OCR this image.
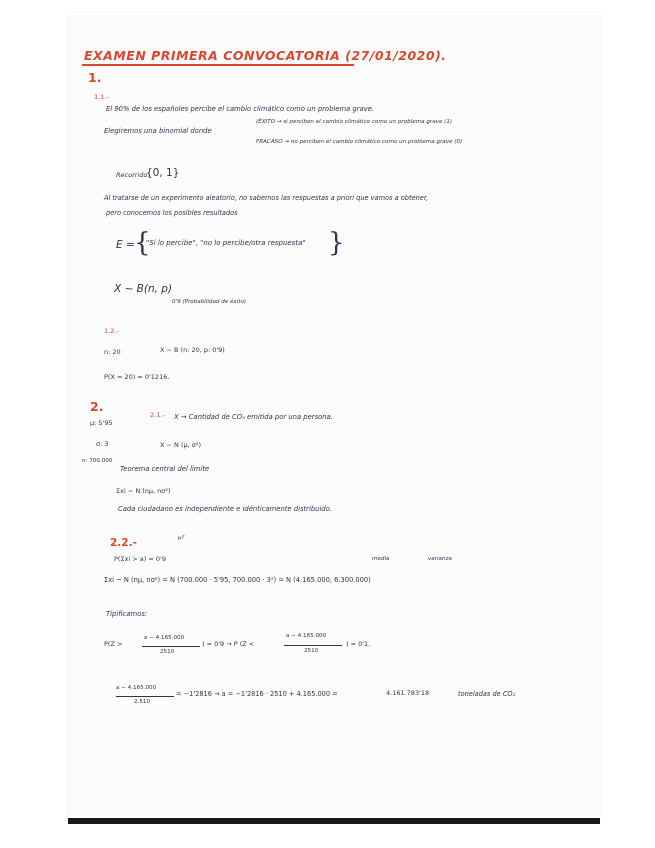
EXAMEN PRIMERA CONVOCATORIA (27/01/2020).
1.
1.1.-
El 90% de los españoles percibe el cambio climático como un problema grave.
Elegiremos una binomial donde
(ÉXITO → sí perciben el cambio climático como un problema grave (1)
FRACASO → no perciben el cambio climático como un problema grave (0)
Recorrido:
{0, 1}
Al tratarse de un experimento aleatorio, no sabemos las respuestas a priori que vamos a obtener,
pero conocemos los posibles resultados
E = {
"Sí lo percibe", "no lo percibe/otra respuesta" }
X ~ B(n, p)
0'9 (Probabilidad de éxito)
1.2.-
n: 20	X ~ B (n: 20, p: 0'9)
P(X = 20) = 0'1216.
2.
μ: 5'95
σ: 3
n: 700.000
2.1.- X → Cantidad de CO₂ emitida por una persona.
X ~ N (μ, σ²)
Teorema central del límite
Σxi ~ N (nμ, nσ²)
Cada ciudadano es independiente e idénticamente distribuido.
2.2.-	μ?
P(Σxi > a) = 0'9	media	varianza
Σxi ~ N (nμ, nσ²) = N (700.000 · 5'95, 700.000 · 3²) = N (4.165.000, 6.300.000)
Tipificamos:
P(Z >
a − 4.165.000
2510
) = 0'9 → P (Z <
a − 4.165.000
2510
) = 0'1.
a − 4.165.000
2.510
= −1'2816 → a = −1'2816 · 2510 + 4.165.000 =	4.161.783'18	toneladas de CO₂
